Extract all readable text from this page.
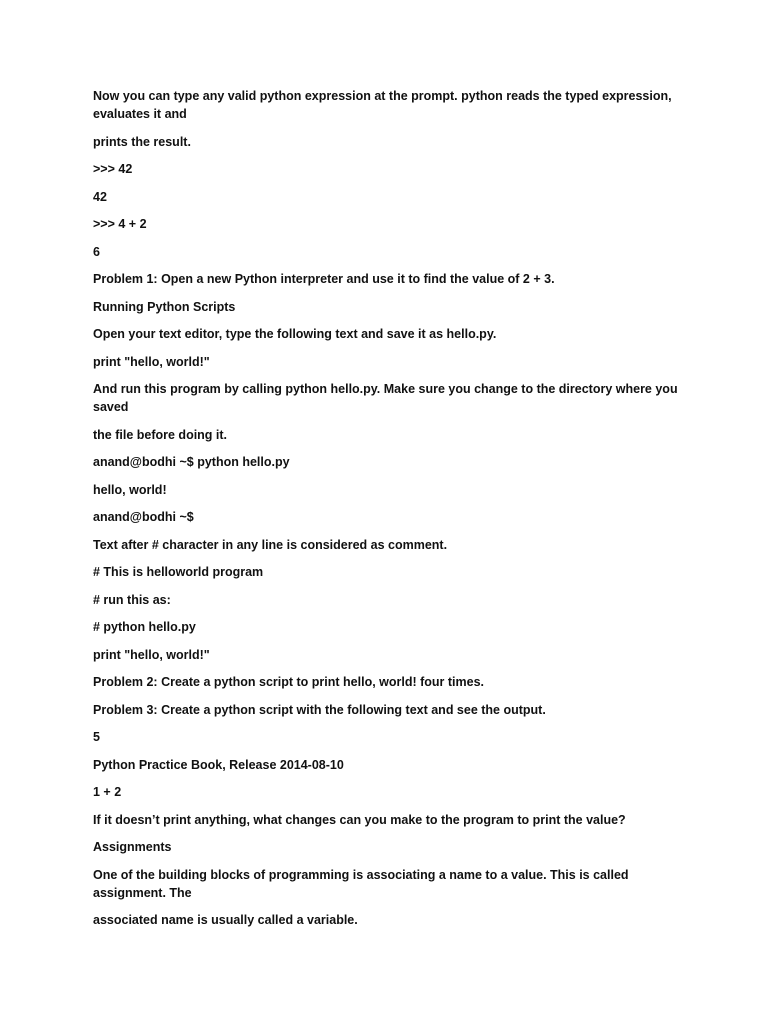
Now you can type any valid python expression at the prompt. python reads the typed expression, evaluates it and

prints the result.

>>> 42

42

>>> 4 + 2

6

Problem 1: Open a new Python interpreter and use it to find the value of 2 + 3.

Running Python Scripts

Open your text editor, type the following text and save it as hello.py.

print "hello, world!"

And run this program by calling python hello.py. Make sure you change to the directory where you saved

the file before doing it.

anand@bodhi ~$ python hello.py

hello, world!

anand@bodhi ~$

Text after # character in any line is considered as comment.

# This is helloworld program

# run this as:

# python hello.py

print "hello, world!"

Problem 2: Create a python script to print hello, world! four times.

Problem 3: Create a python script with the following text and see the output.

5

Python Practice Book, Release 2014-08-10

1 + 2

If it doesn’t print anything, what changes can you make to the program to print the value?

Assignments

One of the building blocks of programming is associating a name to a value. This is called assignment. The

associated name is usually called a variable.
